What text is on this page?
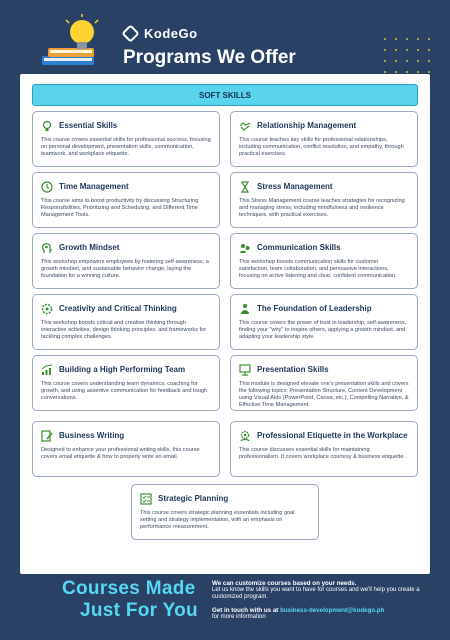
KodeGo
Programs We Offer
SOFT SKILLS
Essential Skills
This course covers essential skills for professional success, focusing on personal development, presentation skills, communication, teamwork, and workplace etiquette.
Relationship Management
This course teaches key skills for professional relationships, including communication, conflict resolution, and empathy, through practical exercises.
Time Management
This course aims to boost productivity by discussing Structuring Responsibilities, Prioritizing and Scheduling, and Different Time Management Tools.
Stress Management
This Stress Management course teaches strategies for recognizing and managing stress, including mindfulness and resilience techniques, with practical exercises.
Growth Mindset
This workshop empowers employees by fostering self-awareness, a growth mindset, and sustainable behavior change, laying the foundation for a winning culture.
Communication Skills
This workshop boosts communication skills for customer satisfaction, team collaboration, and persuasive interactions, focusing on active listening and clear, confident communication.
Creativity and Critical Thinking
This workshop boosts critical and creative thinking through interactive activities, design thinking principles, and frameworks for tackling complex challenges.
The Foundation of Leadership
This course covers the power of trust in leadership, self-awareness, finding your "why" to inspire others, applying a growth mindset, and adapting your leadership style.
Building a High Performing Team
This course covers understanding team dynamics, coaching for growth, and using assertive communication for feedback and tough conversations.
Presentation Skills
This module is designed elevate one's presentation skills and covers the following topics: Presentation Structure, Content Development using Visual Aids (PowerPoint, Canva, etc.), Compelling Narrative, & Effective Time Management.
Business Writing
Designed to enhance your professional writing skills, this course covers email etiquette & how to properly write an email.
Professional Etiquette in the Workplace
This course discusses essential skills for maintaining professionalism. It covers workplace courtesy & business etiquette.
Strategic Planning
This course covers strategic planning essentials including goal setting and strategy implementation, with an emphasis on performance measurement.
Courses Made
Just For You
We can customize courses based on your needs.
Let us know the skills you want to have for courses and we'll help you create a customized program.
Get in touch with us at business-development@kodego.ph
for more information
